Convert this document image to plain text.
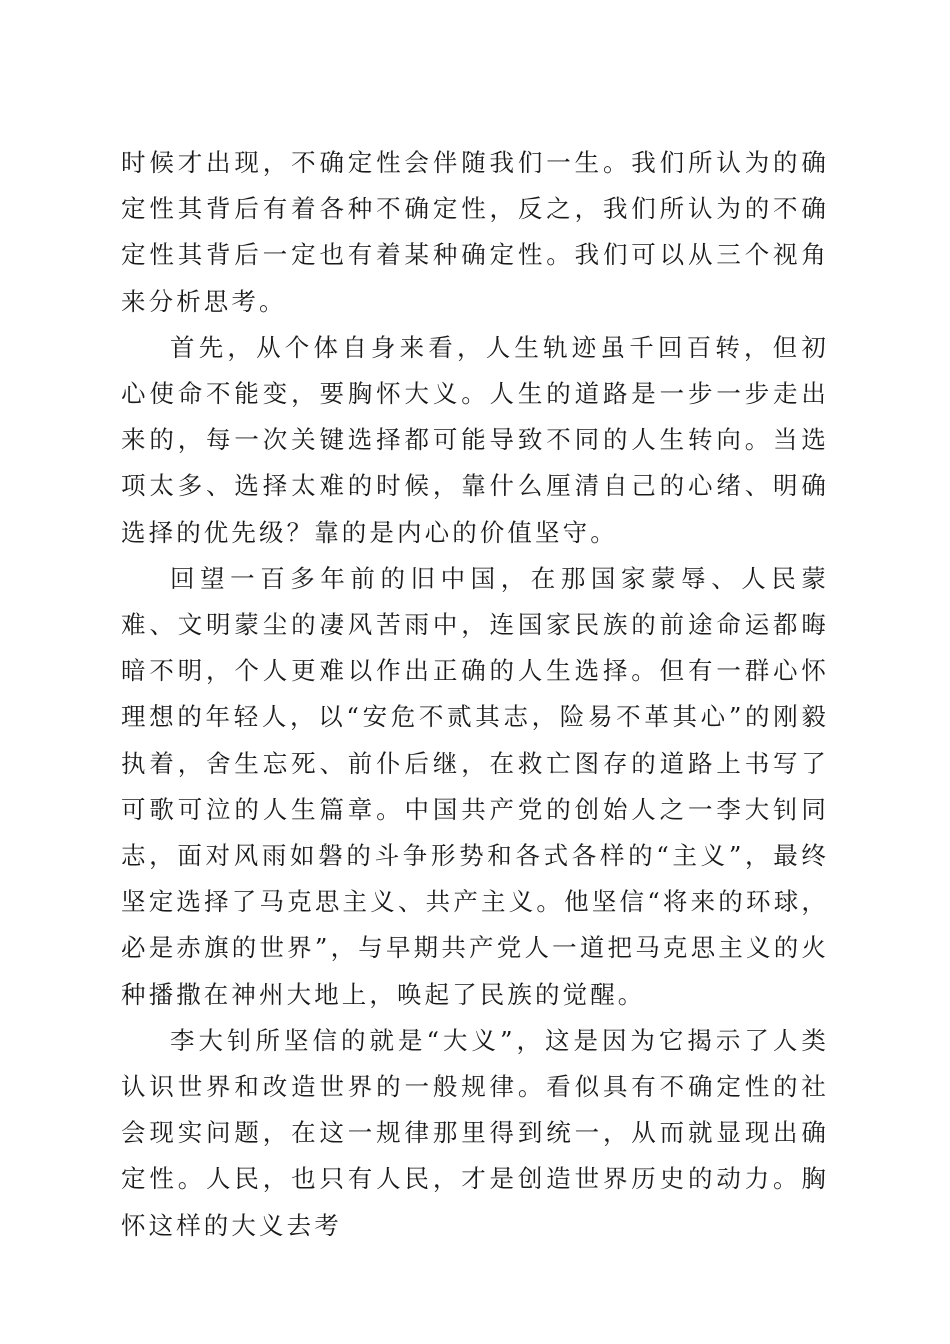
时候才出现，不确定性会伴随我们一生。我们所认为的确定性其背后有着各种不确定性，反之，我们所认为的不确定性其背后一定也有着某种确定性。我们可以从三个视角来分析思考。

首先，从个体自身来看，人生轨迹虽千回百转，但初心使命不能变，要胸怀大义。人生的道路是一步一步走出来的，每一次关键选择都可能导致不同的人生转向。当选项太多、选择太难的时候，靠什么厘清自己的心绪、明确选择的优先级？靠的是内心的价值坚守。

回望一百多年前的旧中国，在那国家蒙辱、人民蒙难、文明蒙尘的凄风苦雨中，连国家民族的前途命运都晦暗不明，个人更难以作出正确的人生选择。但有一群心怀理想的年轻人，以“安危不贰其志，险易不革其心”的刚毅执着，舍生忘死、前仆后继，在救亡图存的道路上书写了可歌可泣的人生篇章。中国共产党的创始人之一李大钊同志，面对风雨如磐的斗争形势和各式各样的“主义”，最终坚定选择了马克思主义、共产主义。他坚信“将来的环球，必是赤旗的世界”，与早期共产党人一道把马克思主义的火种播撒在神州大地上，唤起了民族的觉醒。

李大钊所坚信的就是“大义”，这是因为它揭示了人类认识世界和改造世界的一般规律。看似具有不确定性的社会现实问题，在这一规律那里得到统一，从而就显现出确定性。人民，也只有人民，才是创造世界历史的动力。胸怀这样的大义去考
